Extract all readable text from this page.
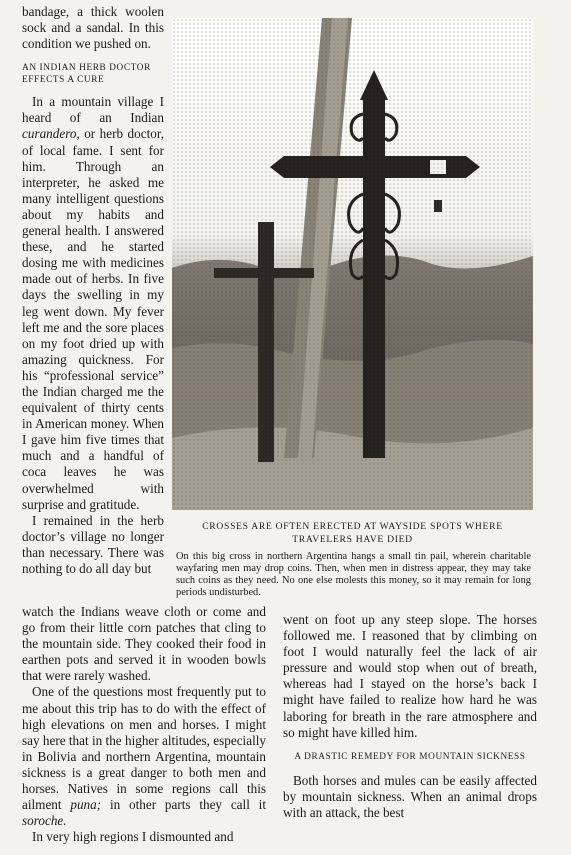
bandage, a thick woolen sock and a sandal. In this condition we pushed on.

AN INDIAN HERB DOCTOR EFFECTS A CURE

In a mountain village I heard of an Indian curandero, or herb doctor, of local fame. I sent for him. Through an interpreter, he asked me many intelligent questions about my habits and general health. I answered these, and he started dosing me with medicines made out of herbs. In five days the swelling in my leg went down. My fever left me and the sore places on my foot dried up with amazing quickness. For his “professional service” the Indian charged me the equivalent of thirty cents in American money. When I gave him five times that much and a handful of coca leaves he was overwhelmed with surprise and gratitude.

I remained in the herb doctor’s village no longer than necessary. There was nothing to do all day but

CROSSES ARE OFTEN ERECTED AT WAYSIDE SPOTS WHERE TRAVELERS HAVE DIED
On this big cross in northern Argentina hangs a small tin pail, wherein charitable wayfaring men may drop coins. Then, when men in distress appear, they may take such coins as they need. No one else molests this money, so it may remain for long periods undisturbed.

watch the Indians weave cloth or come and go from their little corn patches that cling to the mountain side. They cooked their food in earthen pots and served it in wooden bowls that were rarely washed.

One of the questions most frequently put to me about this trip has to do with the effect of high elevations on men and horses. I might say here that in the higher altitudes, especially in Bolivia and northern Argentina, mountain sickness is a great danger to both men and horses. Natives in some regions call this ailment puna; in other parts they call it soroche.

In very high regions I dismounted and

went on foot up any steep slope. The horses followed me. I reasoned that by climbing on foot I would naturally feel the lack of air pressure and would stop when out of breath, whereas had I stayed on the horse’s back I might have failed to realize how hard he was laboring for breath in the rare atmosphere and so might have killed him.

A DRASTIC REMEDY FOR MOUNTAIN SICKNESS

Both horses and mules can be easily affected by mountain sickness. When an animal drops with an attack, the best
